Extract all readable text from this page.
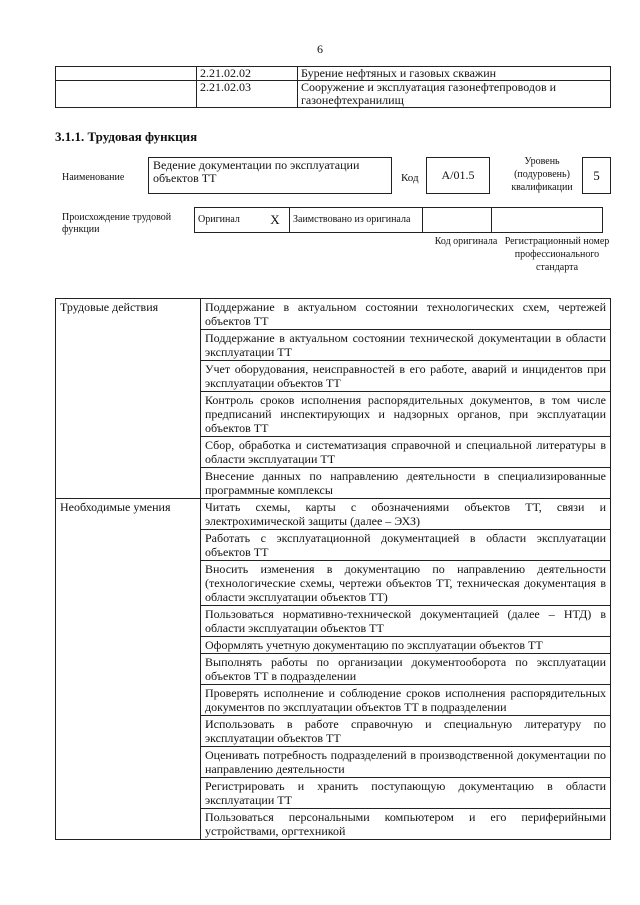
6
	2.21.02.02	Бурение нефтяных и газовых скважин
	2.21.02.03	Сооружение и эксплуатация газонефтепроводов и газонефтехранилищ
3.1.1. Трудовая функция
Наименование
Ведение документации по эксплуатации объектов ТТ	Код	А/01.5
Уровень (подуровень) квалификации
5
Происхождение трудовой функции
Оригинал	X	Заимствовано из оригинала		
Код оригинала Регистрационный номер профессионального стандарта
Трудовые действия	Поддержание в актуальном состоянии технологических схем, чертежей объектов ТТ
	Поддержание в актуальном состоянии технической документации в области эксплуатации ТТ
	Учет оборудования, неисправностей в его работе, аварий и инцидентов при эксплуатации объектов ТТ
	Контроль сроков исполнения распорядительных документов, в том числе предписаний инспектирующих и надзорных органов, при эксплуатации объектов ТТ
	Сбор, обработка и систематизация справочной и специальной литературы в области эксплуатации ТТ
	Внесение данных по направлению деятельности в специализированные программные комплексы
Необходимые умения	Читать схемы, карты с обозначениями объектов ТТ, связи и электрохимической защиты (далее – ЭХЗ)
	Работать с эксплуатационной документацией в области эксплуатации объектов ТТ
	Вносить изменения в документацию по направлению деятельности (технологические схемы, чертежи объектов ТТ, техническая документация в области эксплуатации объектов ТТ)
	Пользоваться нормативно-технической документацией (далее – НТД) в области эксплуатации объектов ТТ
	Оформлять учетную документацию по эксплуатации объектов ТТ
	Выполнять работы по организации документооборота по эксплуатации объектов ТТ в подразделении
	Проверять исполнение и соблюдение сроков исполнения распорядительных документов по эксплуатации объектов ТТ в подразделении
	Использовать в работе справочную и специальную литературу по эксплуатации объектов ТТ
	Оценивать потребность подразделений в производственной документации по направлению деятельности
	Регистрировать и хранить поступающую документацию в области эксплуатации ТТ
	Пользоваться персональными компьютером и его периферийными устройствами, оргтехникой
